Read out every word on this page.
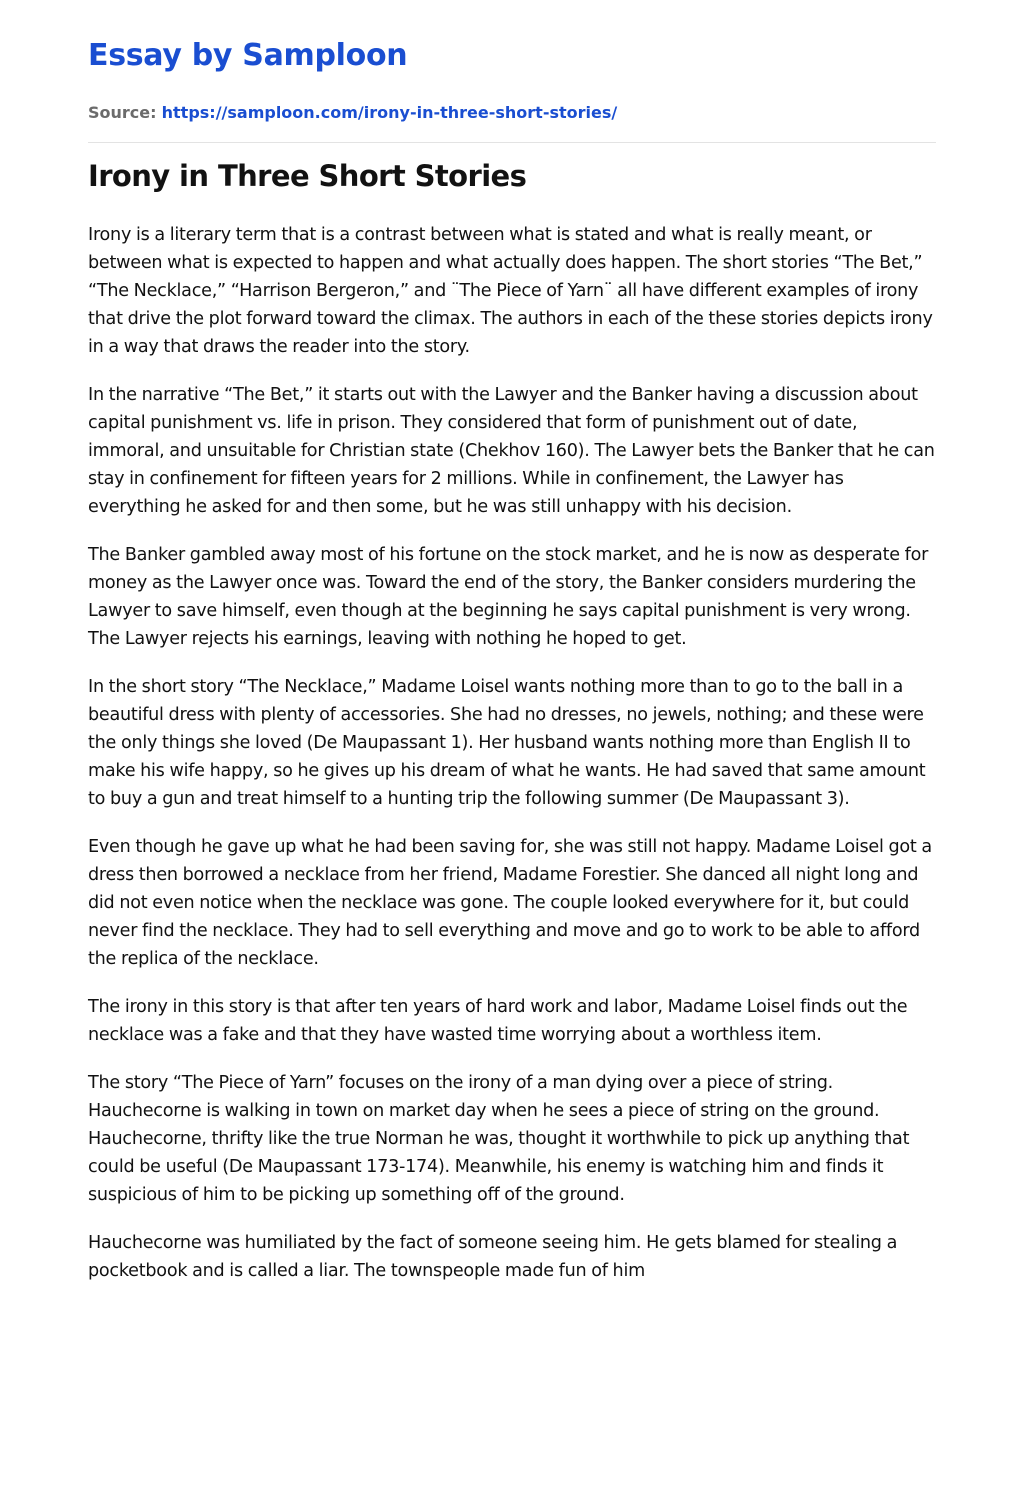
Essay by Samploon
Source: https://samploon.com/irony-in-three-short-stories/
Irony in Three Short Stories

Irony is a literary term that is a contrast between what is stated and what is really meant, or between what is expected to happen and what actually does happen. The short stories “The Bet,” “The Necklace,” “Harrison Bergeron,” and ¨The Piece of Yarn¨ all have different examples of irony that drive the plot forward toward the climax. The authors in each of the these stories depicts irony in a way that draws the reader into the story.

In the narrative “The Bet,” it starts out with the Lawyer and the Banker having a discussion about capital punishment vs. life in prison. They considered that form of punishment out of date, immoral, and unsuitable for Christian state (Chekhov 160). The Lawyer bets the Banker that he can stay in confinement for fifteen years for 2 millions. While in confinement, the Lawyer has everything he asked for and then some, but he was still unhappy with his decision.

The Banker gambled away most of his fortune on the stock market, and he is now as desperate for money as the Lawyer once was. Toward the end of the story, the Banker considers murdering the Lawyer to save himself, even though at the beginning he says capital punishment is very wrong. The Lawyer rejects his earnings, leaving with nothing he hoped to get.

In the short story “The Necklace,” Madame Loisel wants nothing more than to go to the ball in a beautiful dress with plenty of accessories. She had no dresses, no jewels, nothing; and these were the only things she loved (De Maupassant 1). Her husband wants nothing more than English II to make his wife happy, so he gives up his dream of what he wants. He had saved that same amount to buy a gun and treat himself to a hunting trip the following summer (De Maupassant 3).

Even though he gave up what he had been saving for, she was still not happy. Madame Loisel got a dress then borrowed a necklace from her friend, Madame Forestier. She danced all night long and did not even notice when the necklace was gone. The couple looked everywhere for it, but could never find the necklace. They had to sell everything and move and go to work to be able to afford the replica of the necklace.

The irony in this story is that after ten years of hard work and labor, Madame Loisel finds out the necklace was a fake and that they have wasted time worrying about a worthless item.

The story “The Piece of Yarn” focuses on the irony of a man dying over a piece of string. Hauchecorne is walking in town on market day when he sees a piece of string on the ground. Hauchecorne, thrifty like the true Norman he was, thought it worthwhile to pick up anything that could be useful (De Maupassant 173-174). Meanwhile, his enemy is watching him and finds it suspicious of him to be picking up something off of the ground.

Hauchecorne was humiliated by the fact of someone seeing him. He gets blamed for stealing a pocketbook and is called a liar. The townspeople made fun of him
